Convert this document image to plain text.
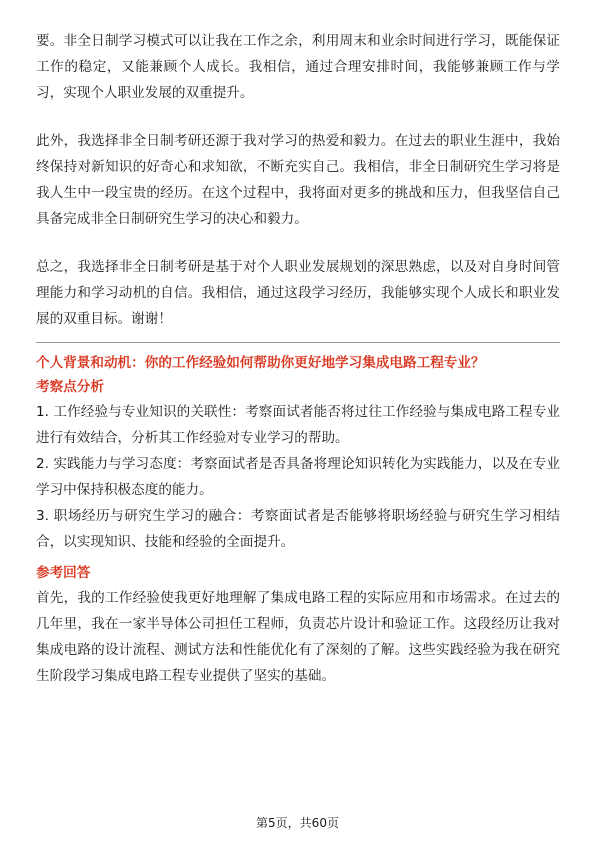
要。非全日制学习模式可以让我在工作之余，利用周末和业余时间进行学习，既能保证工作的稳定，又能兼顾个人成长。我相信，通过合理安排时间，我能够兼顾工作与学习，实现个人职业发展的双重提升。

此外，我选择非全日制考研还源于我对学习的热爱和毅力。在过去的职业生涯中，我始终保持对新知识的好奇心和求知欲，不断充实自己。我相信，非全日制研究生学习将是我人生中一段宝贵的经历。在这个过程中，我将面对更多的挑战和压力，但我坚信自己具备完成非全日制研究生学习的决心和毅力。

总之，我选择非全日制考研是基于对个人职业发展规划的深思熟虑，以及对自身时间管理能力和学习动机的自信。我相信，通过这段学习经历，我能够实现个人成长和职业发展的双重目标。谢谢！

个人背景和动机：你的工作经验如何帮助你更好地学习集成电路工程专业？

考察点分析

1. 工作经验与专业知识的关联性：考察面试者能否将过往工作经验与集成电路工程专业进行有效结合，分析其工作经验对专业学习的帮助。

2. 实践能力与学习态度：考察面试者是否具备将理论知识转化为实践能力，以及在专业学习中保持积极态度的能力。

3. 职场经历与研究生学习的融合：考察面试者是否能够将职场经验与研究生学习相结合，以实现知识、技能和经验的全面提升。

参考回答

首先，我的工作经验使我更好地理解了集成电路工程的实际应用和市场需求。在过去的几年里，我在一家半导体公司担任工程师，负责芯片设计和验证工作。这段经历让我对集成电路的设计流程、测试方法和性能优化有了深刻的了解。这些实践经验为我在研究生阶段学习集成电路工程专业提供了坚实的基础。

第5页，共60页
